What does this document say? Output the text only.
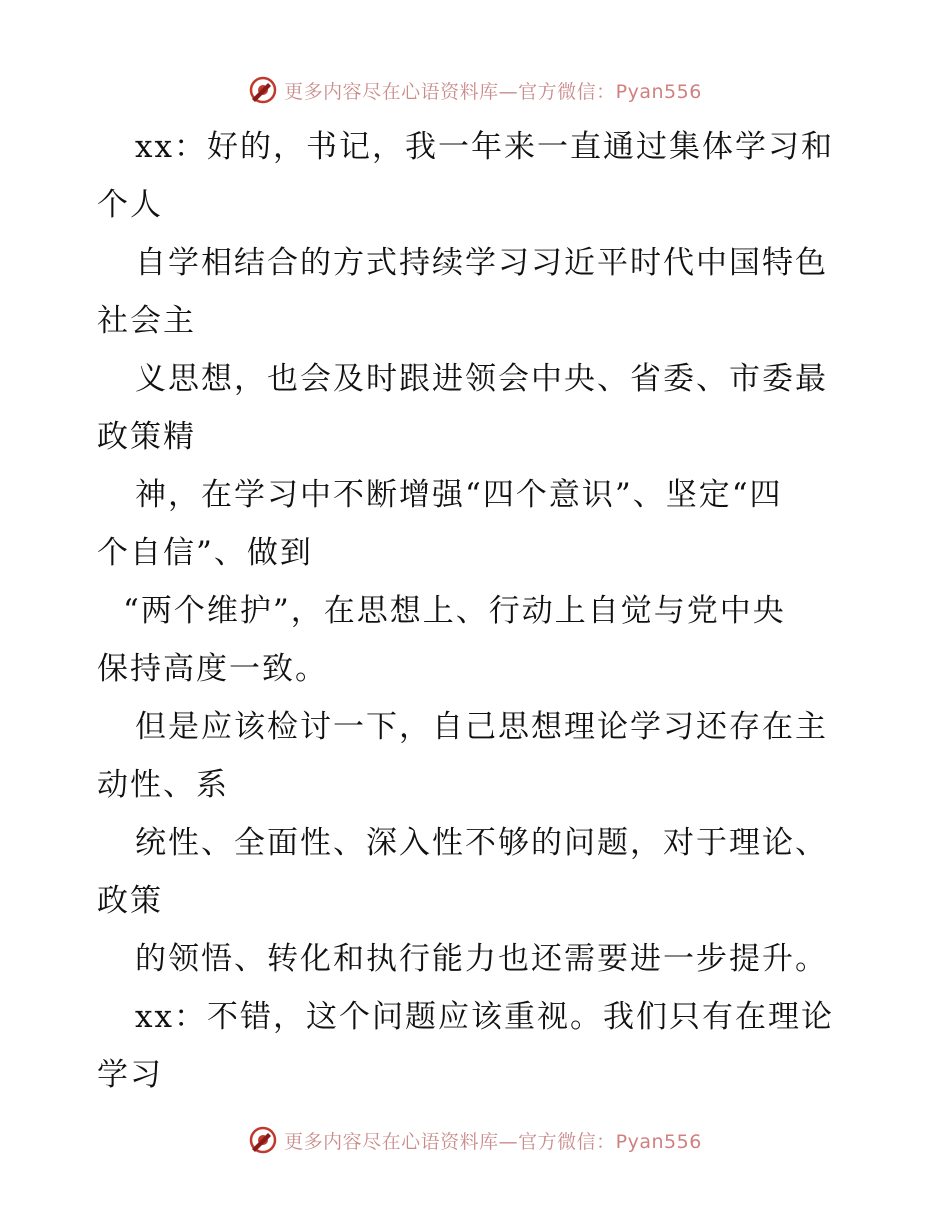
更多内容尽在心语资料库—官方微信：Pyan556
xx：好的，书记，我一年来一直通过集体学习和
个人
自学相结合的方式持续学习习近平时代中国特色
社会主
义思想，也会及时跟进领会中央、省委、市委最
政策精
神，在学习中不断增强“四个意识”、坚定“四
个自信”、做到
“两个维护”，在思想上、行动上自觉与党中央
保持高度一致。
但是应该检讨一下，自己思想理论学习还存在主
动性、系
统性、全面性、深入性不够的问题，对于理论、
政策
的领悟、转化和执行能力也还需要进一步提升。
xx：不错，这个问题应该重视。我们只有在理论
学习
更多内容尽在心语资料库—官方微信：Pyan556
